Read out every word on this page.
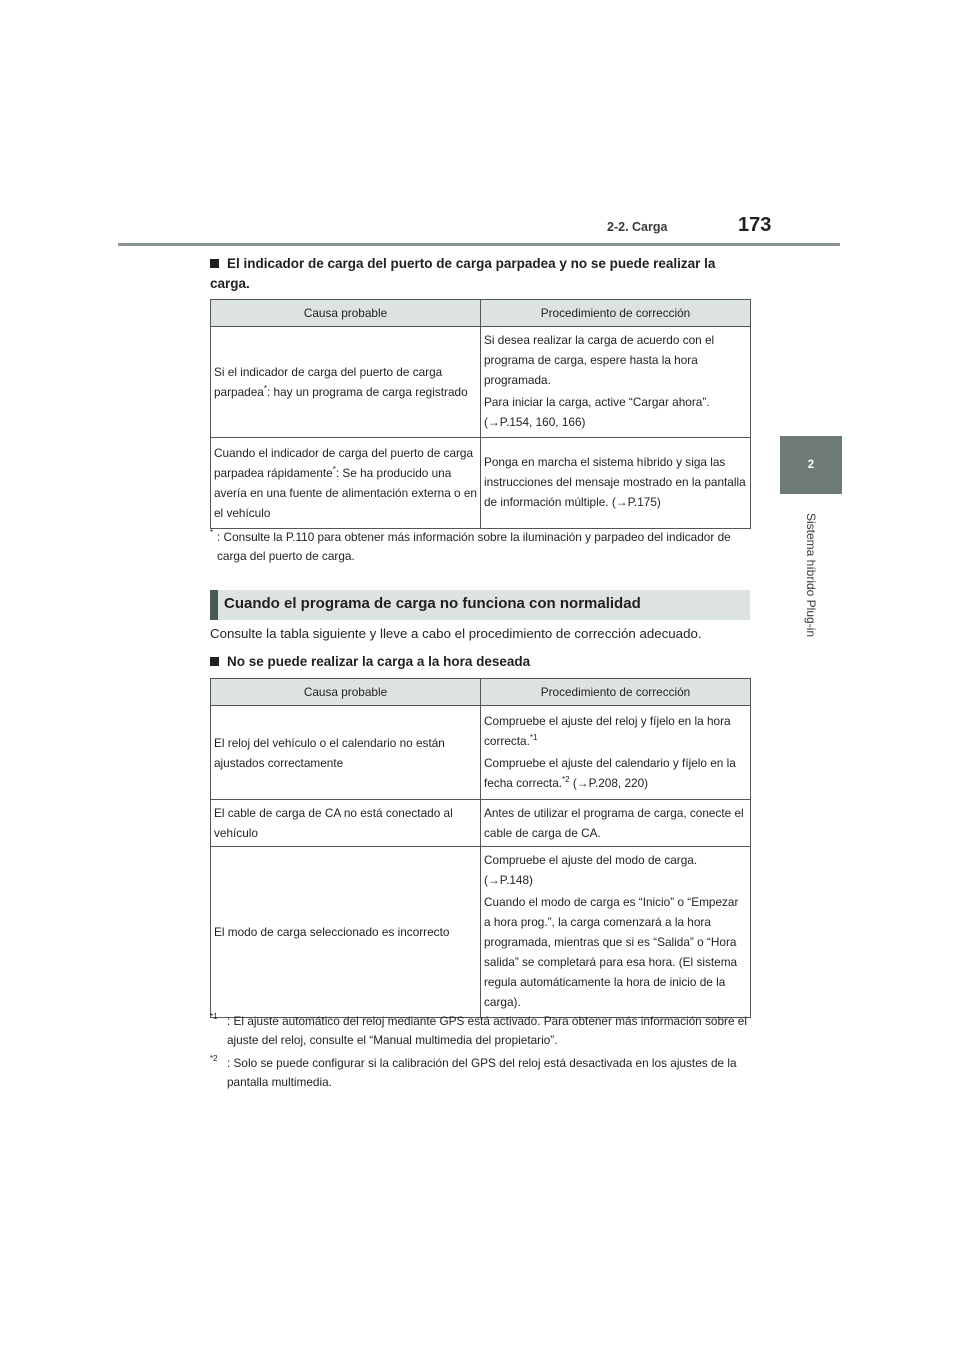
2-2. Carga	173
2
Sistema híbrido Plug-in
El indicador de carga del puerto de carga parpadea y no se puede realizar la carga.
Causa probable	Procedimiento de corrección
Si el indicador de carga del puerto de carga parpadea*: hay un programa de carga registrado	Si desea realizar la carga de acuerdo con el programa de carga, espere hasta la hora programada.

Para iniciar la carga, active “Cargar ahora”. (→P.154, 160, 166)

Cuando el indicador de carga del puerto de carga parpadea rápidamente*: Se ha producido una avería en una fuente de alimentación externa o en el vehículo	Ponga en marcha el sistema híbrido y siga las instrucciones del mensaje mostrado en la pantalla de información múltiple. (→P.175)

* : Consulte la P.110 para obtener más información sobre la iluminación y parpadeo del indicador de carga del puerto de carga.
Cuando el programa de carga no funciona con normalidad
Consulte la tabla siguiente y lleve a cabo el procedimiento de corrección adecuado.
No se puede realizar la carga a la hora deseada
Causa probable	Procedimiento de corrección
El reloj del vehículo o el calendario no están ajustados correctamente	Compruebe el ajuste del reloj y fíjelo en la hora correcta.$^{*1}$

Compruebe el ajuste del calendario y fíjelo en la fecha correcta.$^{*2}$ (→P.208, 220)

El cable de carga de CA no está conectado al vehículo	Antes de utilizar el programa de carga, conecte el cable de carga de CA.
El modo de carga seleccionado es incorrecto	Compruebe el ajuste del modo de carga. (→P.148)

Cuando el modo de carga es “Inicio” o “Empezar a hora prog.”, la carga comenzará a la hora programada, mientras que si es “Salida” o “Hora salida” se completará para esa hora. (El sistema regula automáticamente la hora de inicio de la carga).

*1 : El ajuste automático del reloj mediante GPS está activado. Para obtener más información sobre el ajuste del reloj, consulte el “Manual multimedia del propietario”.
*2 : Solo se puede configurar si la calibración del GPS del reloj está desactivada en los ajustes de la pantalla multimedia.
